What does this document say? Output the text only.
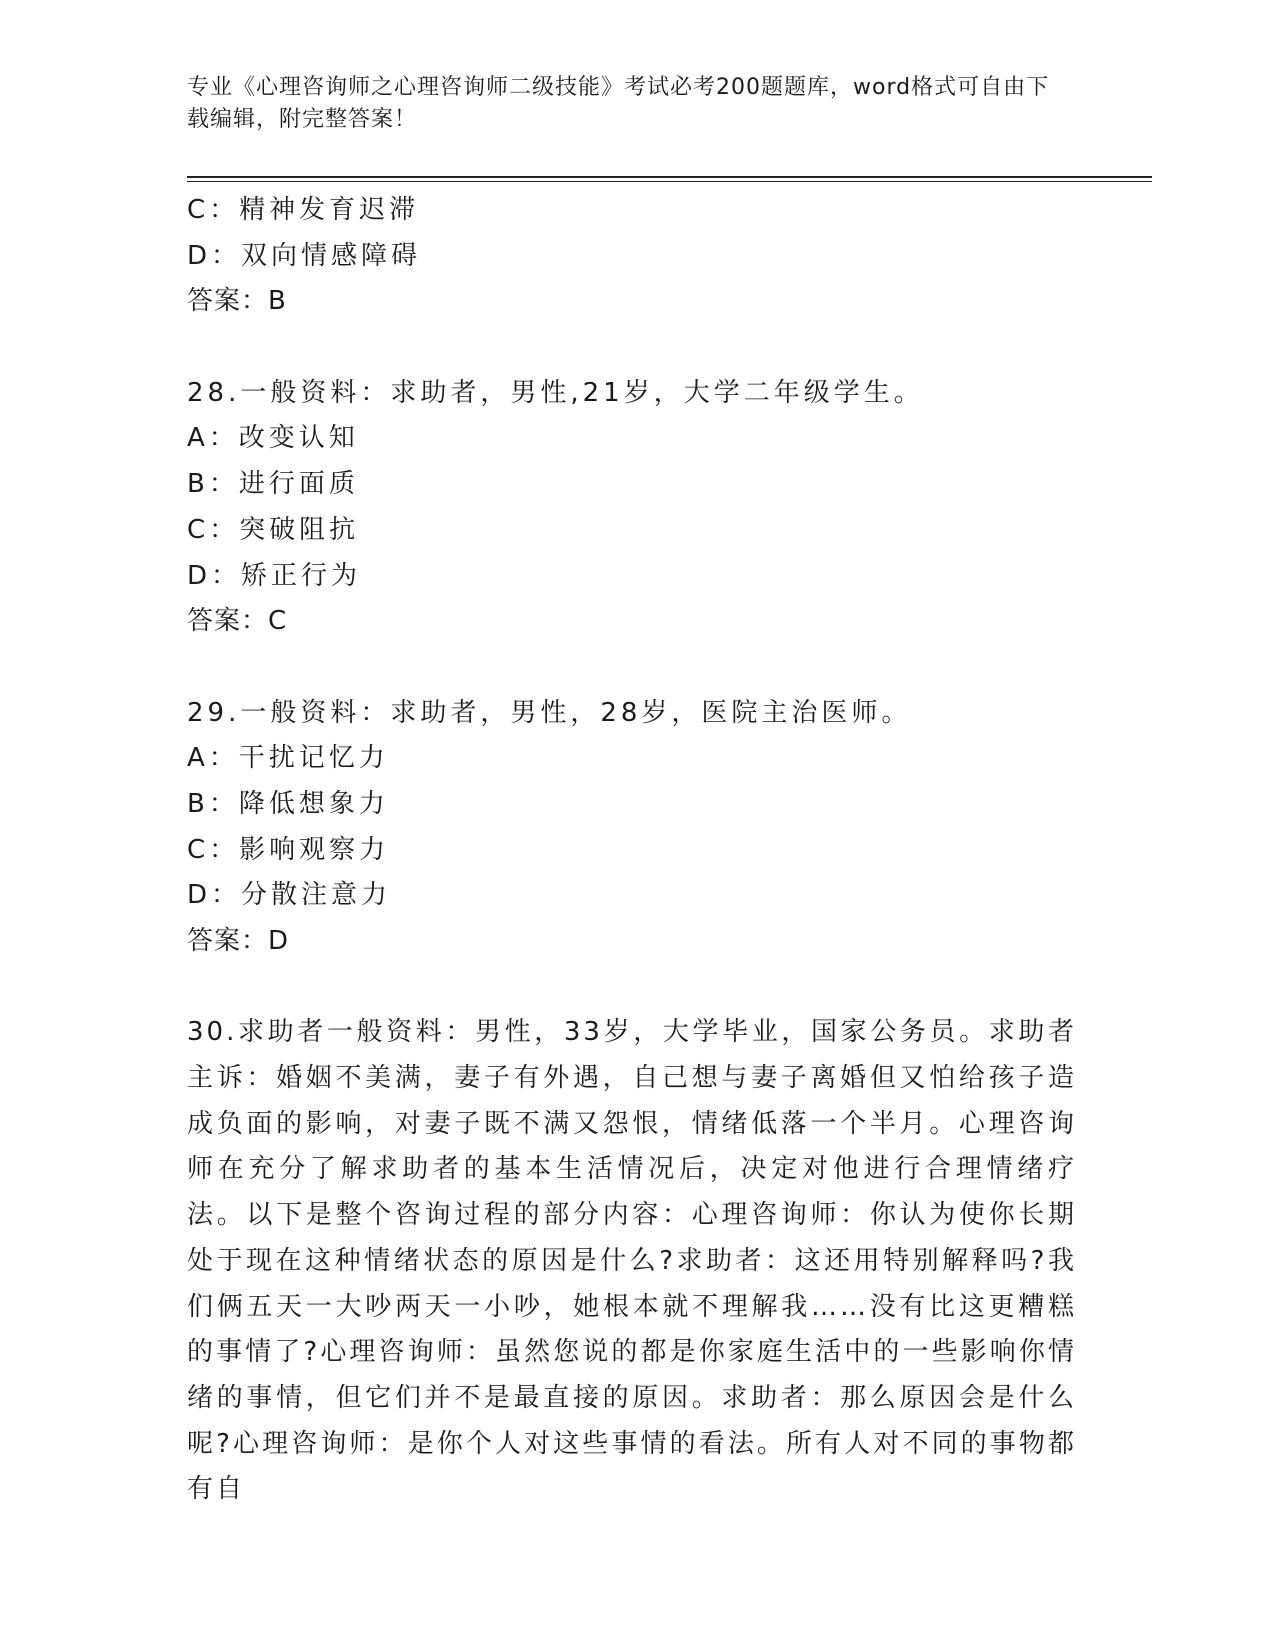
专业《心理咨询师之心理咨询师二级技能》考试必考200题题库，word格式可自由下载编辑，附完整答案！
C：精神发育迟滞
D：双向情感障碍
答案：B
28.一般资料：求助者，男性,21岁，大学二年级学生。
A：改变认知
B：进行面质
C：突破阻抗
D：矫正行为
答案：C
29.一般资料：求助者，男性，28岁，医院主治医师。
A：干扰记忆力
B：降低想象力
C：影响观察力
D：分散注意力
答案：D
30.求助者一般资料：男性，33岁，大学毕业，国家公务员。求助者主诉：婚姻不美满，妻子有外遇，自己想与妻子离婚但又怕给孩子造成负面的影响，对妻子既不满又怨恨，情绪低落一个半月。心理咨询师在充分了解求助者的基本生活情况后，决定对他进行合理情绪疗法。以下是整个咨询过程的部分内容：心理咨询师：你认为使你长期处于现在这种情绪状态的原因是什么?求助者：这还用特别解释吗?我们俩五天一大吵两天一小吵，她根本就不理解我……没有比这更糟糕的事情了?心理咨询师：虽然您说的都是你家庭生活中的一些影响你情绪的事情，但它们并不是最直接的原因。求助者：那么原因会是什么呢?心理咨询师：是你个人对这些事情的看法。所有人对不同的事物都有自
